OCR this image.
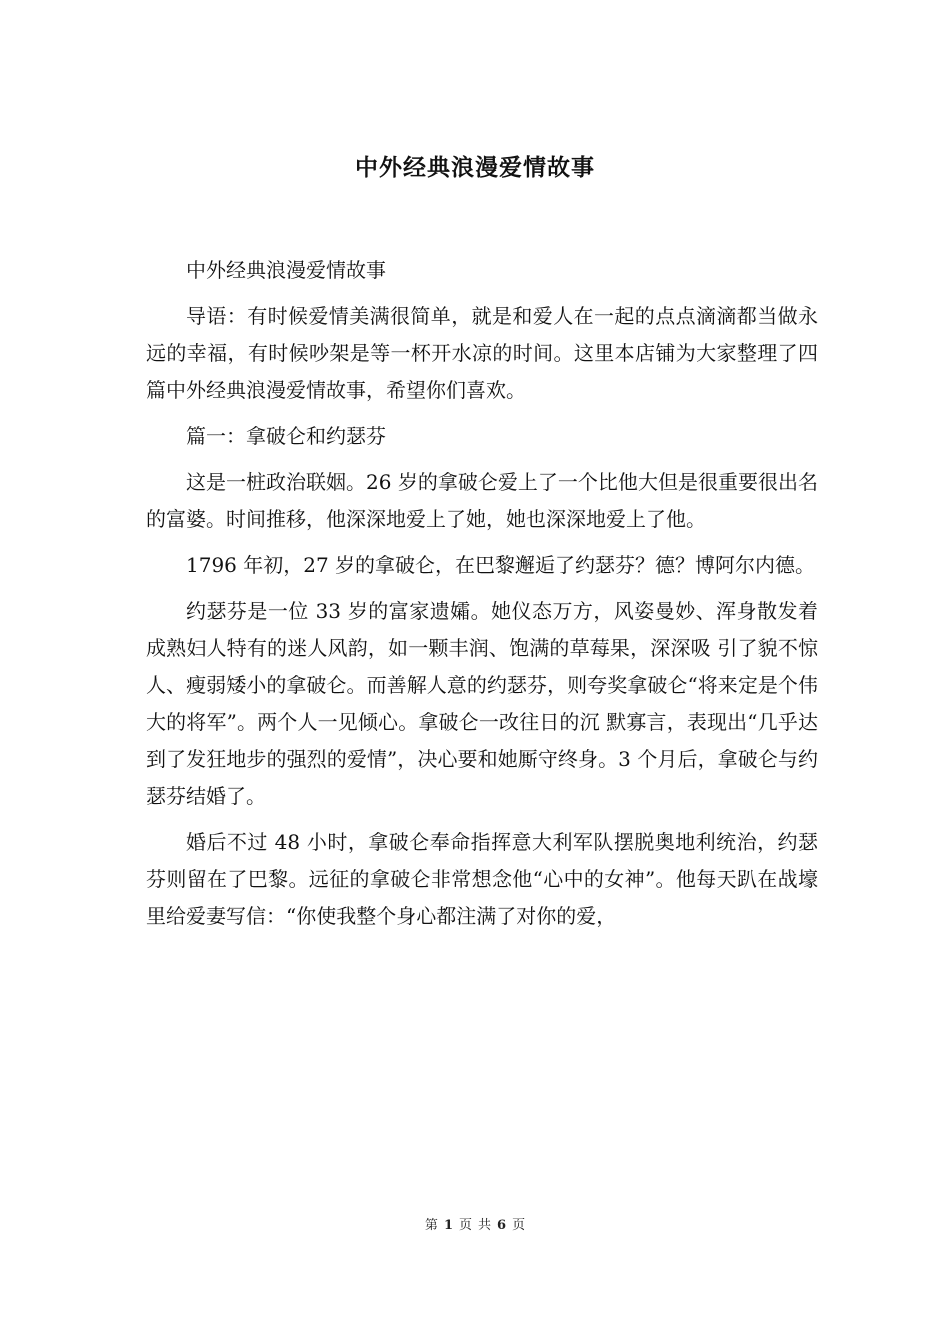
中外经典浪漫爱情故事

中外经典浪漫爱情故事

导语：有时候爱情美满很简单，就是和爱人在一起的点点滴滴都当做永远的幸福，有时候吵架是等一杯开水凉的时间。这里本店铺为大家整理了四篇中外经典浪漫爱情故事，希望你们喜欢。

篇一：拿破仑和约瑟芬

这是一桩政治联姻。26 岁的拿破仑爱上了一个比他大但是很重要很出名的富婆。时间推移，他深深地爱上了她，她也深深地爱上了他。

1796 年初，27 岁的拿破仑，在巴黎邂逅了约瑟芬？德？博阿尔内德。

约瑟芬是一位 33 岁的富家遗孀。她仪态万方，风姿曼妙、浑身散发着成熟妇人特有的迷人风韵，如一颗丰润、饱满的草莓果，深深吸 引了貌不惊人、瘦弱矮小的拿破仑。而善解人意的约瑟芬，则夸奖拿破仑“将来定是个伟大的将军”。两个人一见倾心。拿破仑一改往日的沉 默寡言，表现出“几乎达到了发狂地步的强烈的爱情”，决心要和她厮守终身。3 个月后，拿破仑与约瑟芬结婚了。

婚后不过 48 小时，拿破仑奉命指挥意大利军队摆脱奥地利统治，约瑟芬则留在了巴黎。远征的拿破仑非常想念他“心中的女神”。他每天趴在战壕里给爱妻写信：“你使我整个身心都注满了对你的爱，

第 1 页 共 6 页
